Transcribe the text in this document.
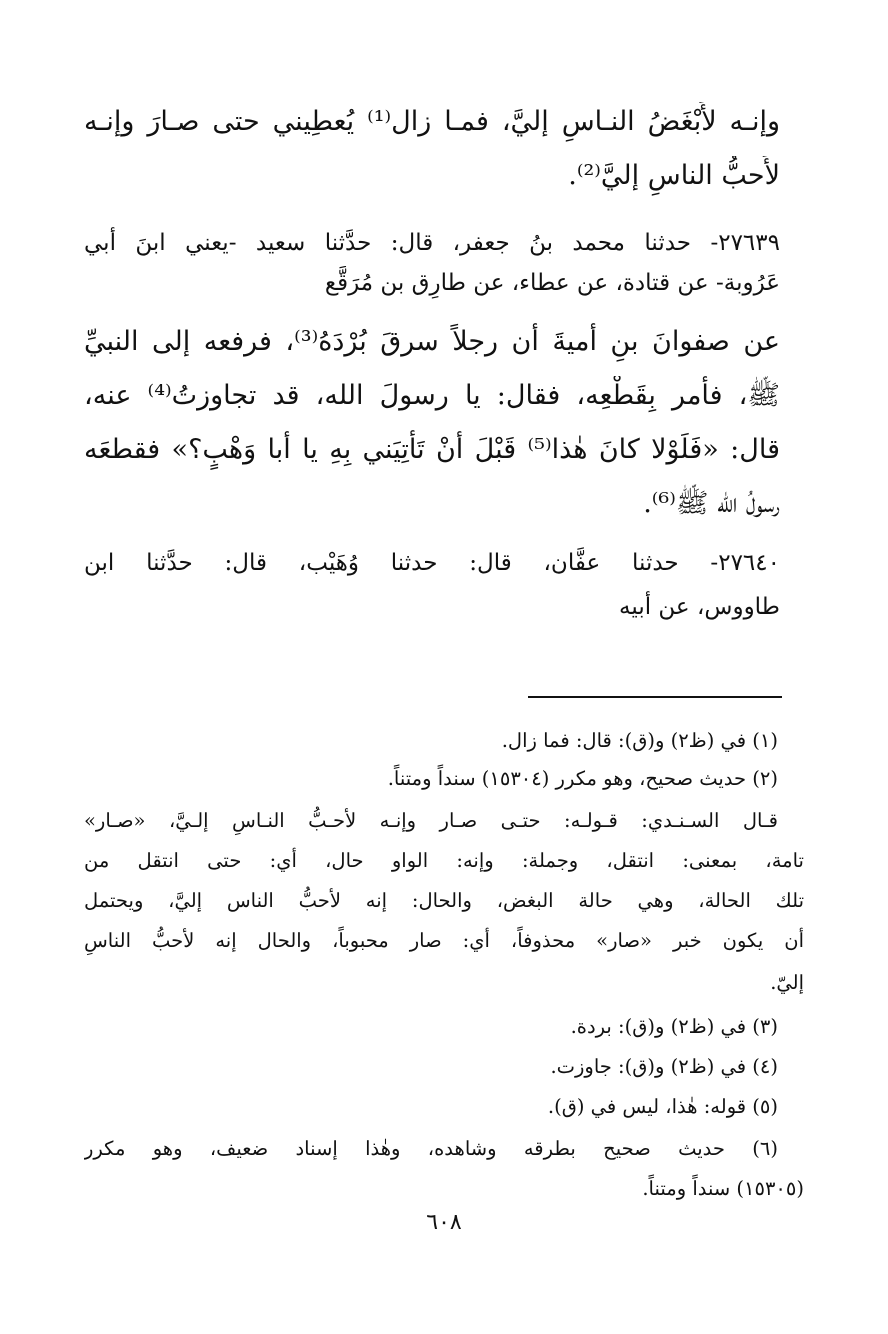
وإنـه لأَبْغَضُ النـاسِ إليَّ، فمـا زال⁽¹⁾ يُعطِيني حتى صـارَ وإنـه
لأَحبُّ الناسِ إليَّ⁽²⁾.
٢٧٦٣٩- حدثنا محمد بنُ جعفر، قال: حدَّثنا سعيد -يعني ابنَ أبي
عَرُوبة- عن قتادة، عن عطاء، عن طارِق بن مُرَقَّع
عن صفوانَ بنِ أميةَ أن رجلاً سرقَ بُرْدَهُ⁽³⁾، فرفعه إلى النبيِّ
ﷺ، فأمر بِقَطْعِه، فقال: يا رسولَ الله، قد تجاوزتُ⁽⁴⁾ عنه،
قال: «فَلَوْلا كانَ هٰذا⁽⁵⁾ قَبْلَ أَنْ تَأْتِيَني بِهِ يا أبا وَهْبٍ؟» فقطعَه
رسولُ الله ﷺ⁽⁶⁾.
٢٧٦٤٠- حدثنا عفَّان، قال: حدثنا وُهَيْب، قال: حدَّثنا ابن
طاووس، عن أبيه
(١) في (ظ٢) و(ق): قال: فما زال.
(٢) حديث صحيح، وهو مكرر (١٥٣٠٤) سنداً ومتناً.
قـال السـنـدي: قـولـه: حتـى صـار وإنـه لأحـبُّ النـاسِ إلـيَّ، «صـار»
تامة، بمعنى: انتقل، وجملة: وإنه: الواو حال، أي: حتى انتقل من
تلك الحالة، وهي حالة البغض، والحال: إنه لأحبُّ الناس إليَّ، ويحتمل
أن يكون خبر «صار» محذوفاً، أي: صار محبوباً، والحال إنه لأحبُّ الناسِ
إليّ.
(٣) في (ظ٢) و(ق): بردة.
(٤) في (ظ٢) و(ق): جاوزت.
(٥) قوله: هٰذا، ليس في (ق).
(٦) حديث صحيح بطرقه وشاهده، وهٰذا إسناد ضعيف، وهو مكرر
(١٥٣٠٥) سنداً ومتناً.
٦٠٨
